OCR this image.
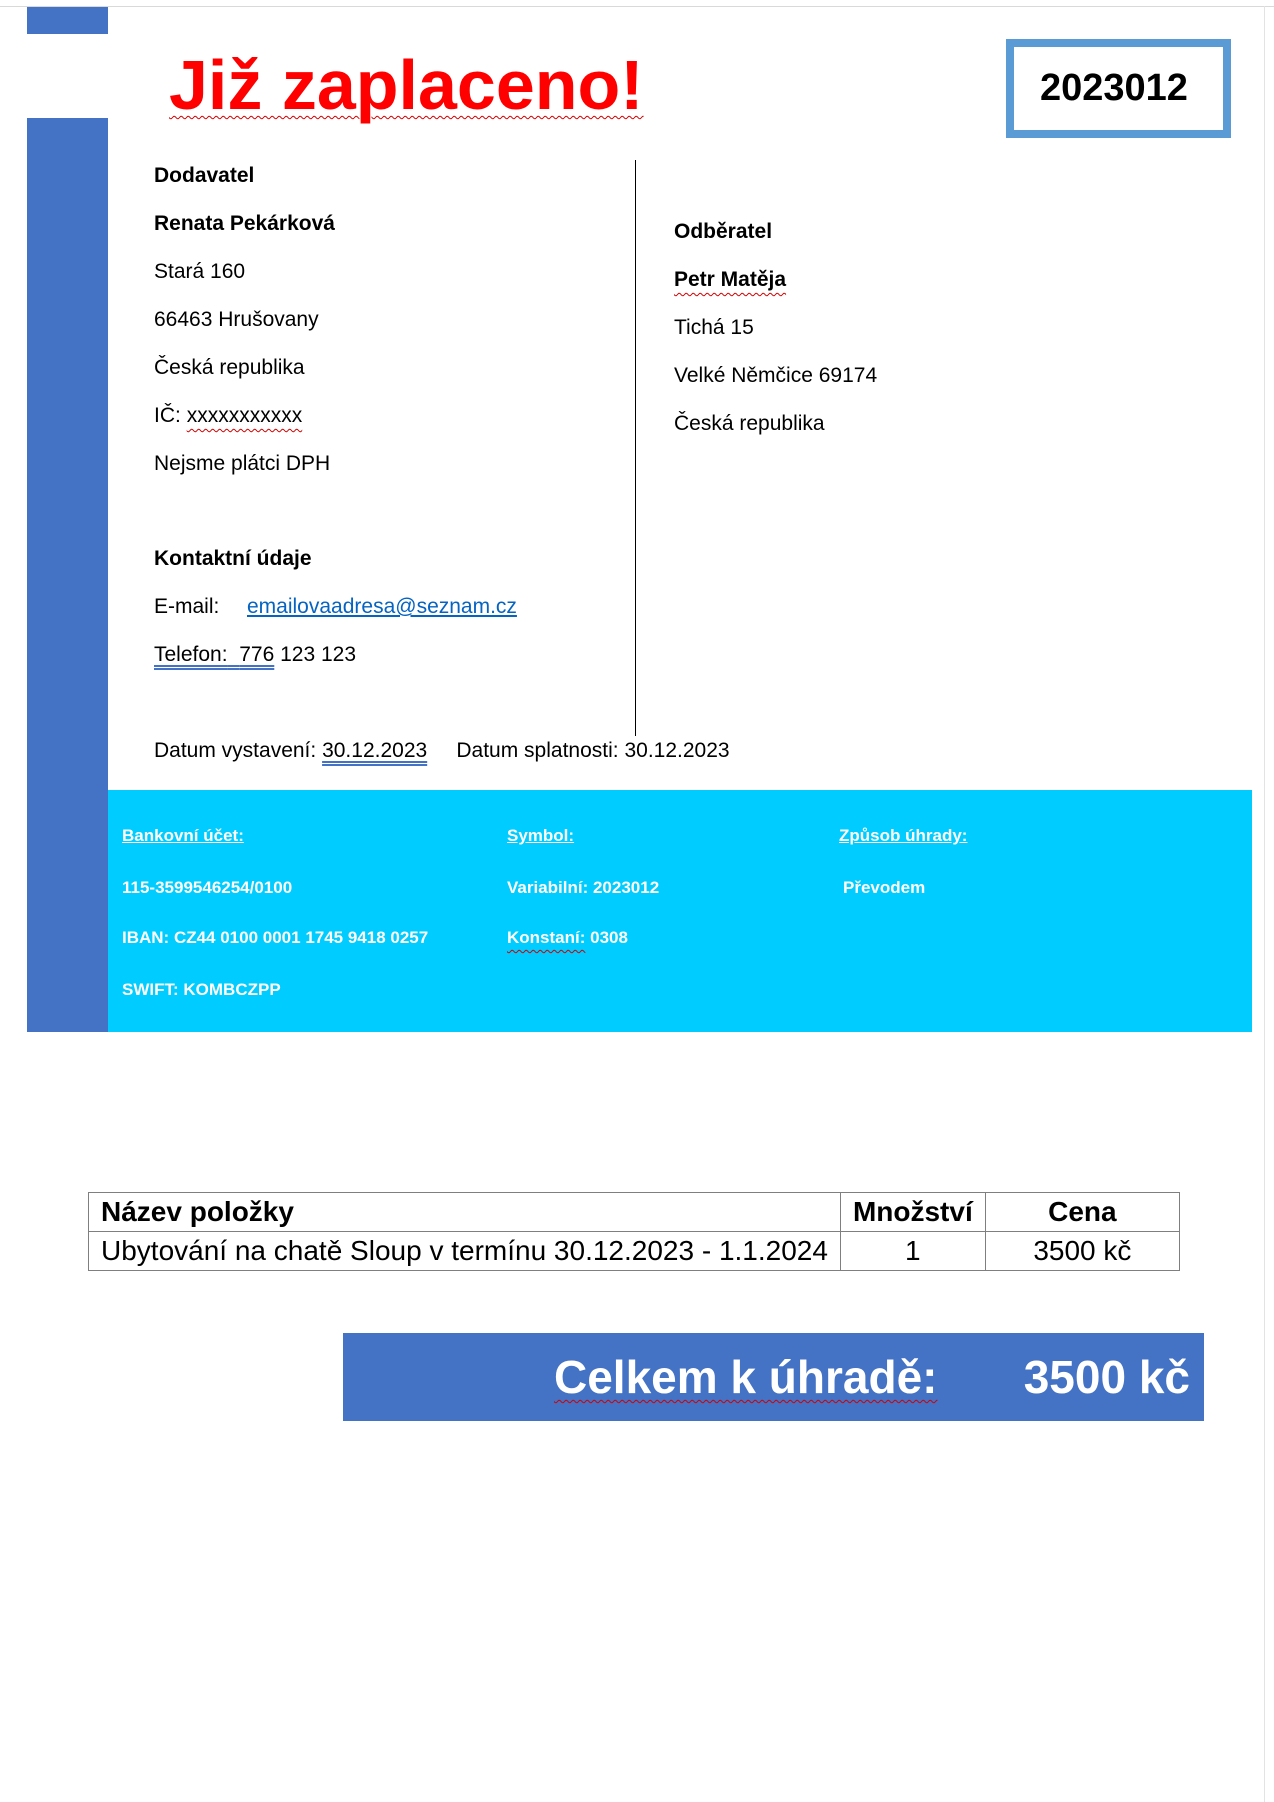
Již zaplaceno!	2023012
Dodavatel
Renata Pekárková
Stará 160
66463 Hrušovany
Česká republika
IČ: xxxxxxxxxxx
Nejsme plátci DPH
Kontaktní údaje
E-mail: emailovaadresa@seznam.cz
Telefon: 776 123 123
Odběratel
Petr Matěja
Tichá 15
Velké Němčice 69174
Česká republika
Datum vystavení: 30.12.2023 Datum splatnosti: 30.12.2023
Bankovní účet:
115-3599546254/0100
IBAN: CZ44 0100 0001 1745 9418 0257
SWIFT: KOMBCZPP
Symbol:
Variabilní: 2023012
Konstaní: 0308
Způsob úhrady:
Převodem
Název položky	Množství	Cena
Ubytování na chatě Sloup v termínu 30.12.2023 - 1.1.2024	1	3500 kč
Celkem k úhradě: 3500 kč
